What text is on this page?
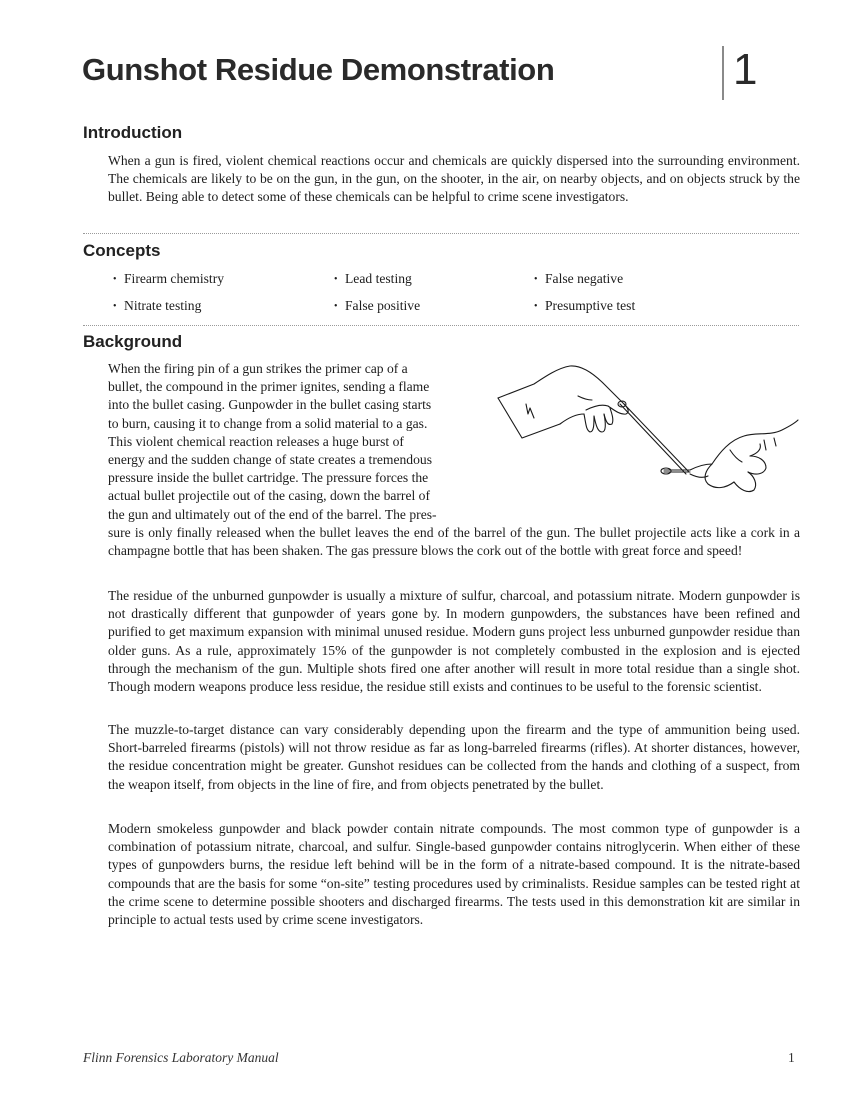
Gunshot Residue Demonstration	1
Introduction

When a gun is fired, violent chemical reactions occur and chemicals are quickly dispersed into the surrounding environment. The chemicals are likely to be on the gun, in the gun, on the shooter, in the air, on nearby objects, and on objects struck by the bullet. Being able to detect some of these chemicals can be helpful to crime scene investigators.

Concepts

• Firearm chemistry	• Lead testing	• False negative

• Nitrate testing	• False positive	• Presumptive test

Background

When the firing pin of a gun strikes the primer cap of a
bullet, the compound in the primer ignites, sending a flame
into the bullet casing. Gunpowder in the bullet casing starts
to burn, causing it to change from a solid material to a gas.
This violent chemical reaction releases a huge burst of
energy and the sudden change of state creates a tremendous
pressure inside the bullet cartridge. The pressure forces the
actual bullet projectile out of the casing, down the barrel of
the gun and ultimately out of the end of the barrel. The pres-

sure is only finally released when the bullet leaves the end of the barrel of the gun. The bullet projectile acts like a cork in a champagne bottle that has been shaken. The gas pressure blows the cork out of the bottle with great force and speed!

The residue of the unburned gunpowder is usually a mixture of sulfur, charcoal, and potassium nitrate. Modern gunpowder is not drastically different that gunpowder of years gone by. In modern gunpowders, the substances have been refined and purified to get maximum expansion with minimal unused residue. Modern guns project less unburned gunpowder residue than older guns. As a rule, approximately 15% of the gunpowder is not completely combusted in the explosion and is ejected through the mechanism of the gun. Multiple shots fired one after another will result in more total residue than a single shot. Though modern weapons produce less residue, the residue still exists and continues to be useful to the forensic scientist.

The muzzle-to-target distance can vary considerably depending upon the firearm and the type of ammunition being used. Short-barreled firearms (pistols) will not throw residue as far as long-barreled firearms (rifles). At shorter distances, however, the residue concentration might be greater. Gunshot residues can be collected from the hands and clothing of a suspect, from the weapon itself, from objects in the line of fire, and from objects penetrated by the bullet.

Modern smokeless gunpowder and black powder contain nitrate compounds. The most common type of gunpowder is a combination of potassium nitrate, charcoal, and sulfur. Single-based gunpowder contains nitroglycerin. When either of these types of gunpowders burns, the residue left behind will be in the form of a nitrate-based compound. It is the nitrate-based compounds that are the basis for some “on-site” testing procedures used by criminalists. Residue samples can be tested right at the crime scene to determine possible shooters and discharged firearms. The tests used in this demonstration kit are similar in principle to actual tests used by crime scene investigators.

Flinn Forensics Laboratory Manual	1
